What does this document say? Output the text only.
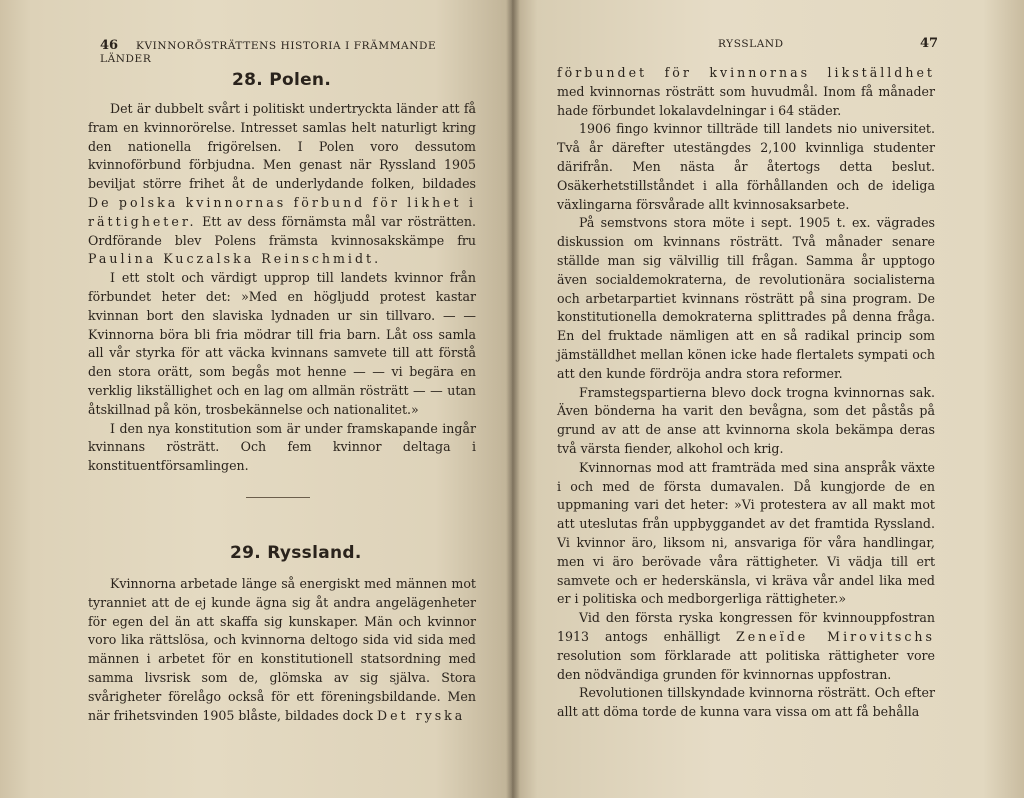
46 KVINNORÖSTRÄTTENS HISTORIA I FRÄMMANDE LÄNDER
28. Polen.

Det är dubbelt svårt i politiskt undertryckta länder att få fram en kvinnorörelse. Intresset samlas helt naturligt kring den nationella frigörelsen. I Polen voro dessutom kvinnoförbund förbjudna. Men genast när Ryssland 1905 beviljat större frihet åt de underlydande folken, bildades De polska kvinnornas förbund för likhet i rättigheter. Ett av dess förnämsta mål var rösträtten. Ordförande blev Polens främsta kvinnosakskämpe fru Paulina Kuczalska Reinschmidt.

I ett stolt och värdigt upprop till landets kvinnor från förbundet heter det: »Med en högljudd protest kastar kvinnan bort den slaviska lydnaden ur sin tillvaro. — — Kvinnorna böra bli fria mödrar till fria barn. Låt oss samla all vår styrka för att väcka kvinnans samvete till att förstå den stora orätt, som begås mot henne — — vi begära en verklig likställighet och en lag om allmän rösträtt — — utan åtskillnad på kön, trosbekännelse och nationalitet.»

I den nya konstitution som är under framskapande ingår kvinnans rösträtt. Och fem kvinnor deltaga i konstituentförsamlingen.

29. Ryssland.

Kvinnorna arbetade länge så energiskt med männen mot tyranniet att de ej kunde ägna sig åt andra angelägenheter för egen del än att skaffa sig kunskaper. Män och kvinnor voro lika rättslösa, och kvinnorna deltogo sida vid sida med männen i arbetet för en konstitutionell statsordning med samma livsrisk som de, glömska av sig själva. Stora svårigheter förelågo också för ett föreningsbildande. Men när frihetsvinden 1905 blåste, bildades dock Det ryska

RYSSLAND	47

förbundet för kvinnornas likställdhet med kvinnornas rösträtt som huvudmål. Inom få månader hade förbundet lokalavdelningar i 64 städer.

1906 fingo kvinnor tillträde till landets nio universitet. Två år därefter utestängdes 2,100 kvinnliga studenter därifrån. Men nästa år återtogs detta beslut. Osäkerhetstillståndet i alla förhållanden och de ideliga växlingarna försvårade allt kvinnosaksarbete.

På semstvons stora möte i sept. 1905 t. ex. vägrades diskussion om kvinnans rösträtt. Två månader senare ställde man sig välvillig till frågan. Samma år upptogo även socialdemokraterna, de revolutionära socialisterna och arbetarpartiet kvinnans rösträtt på sina program. De konstitutionella demokraterna splittrades på denna fråga. En del fruktade nämligen att en så radikal princip som jämställdhet mellan könen icke hade flertalets sympati och att den kunde fördröja andra stora reformer.

Framstegspartierna blevo dock trogna kvinnornas sak. Även bönderna ha varit den bevågna, som det påstås på grund av att de anse att kvinnorna skola bekämpa deras två värsta fiender, alkohol och krig.

Kvinnornas mod att framträda med sina anspråk växte i och med de första dumavalen. Då kungjorde de en uppmaning vari det heter: »Vi protestera av all makt mot att uteslutas från uppbyggandet av det framtida Ryssland. Vi kvinnor äro, liksom ni, ansvariga för våra handlingar, men vi äro berövade våra rättigheter. Vi vädja till ert samvete och er hederskänsla, vi kräva vår andel lika med er i politiska och medborgerliga rättigheter.»

Vid den första ryska kongressen för kvinnouppfostran 1913 antogs enhälligt Zeneïde Mirovitschs resolution som förklarade att politiska rättigheter vore den nödvändiga grunden för kvinnornas uppfostran.

Revolutionen tillskyndade kvinnorna rösträtt. Och efter allt att döma torde de kunna vara vissa om att få behålla
